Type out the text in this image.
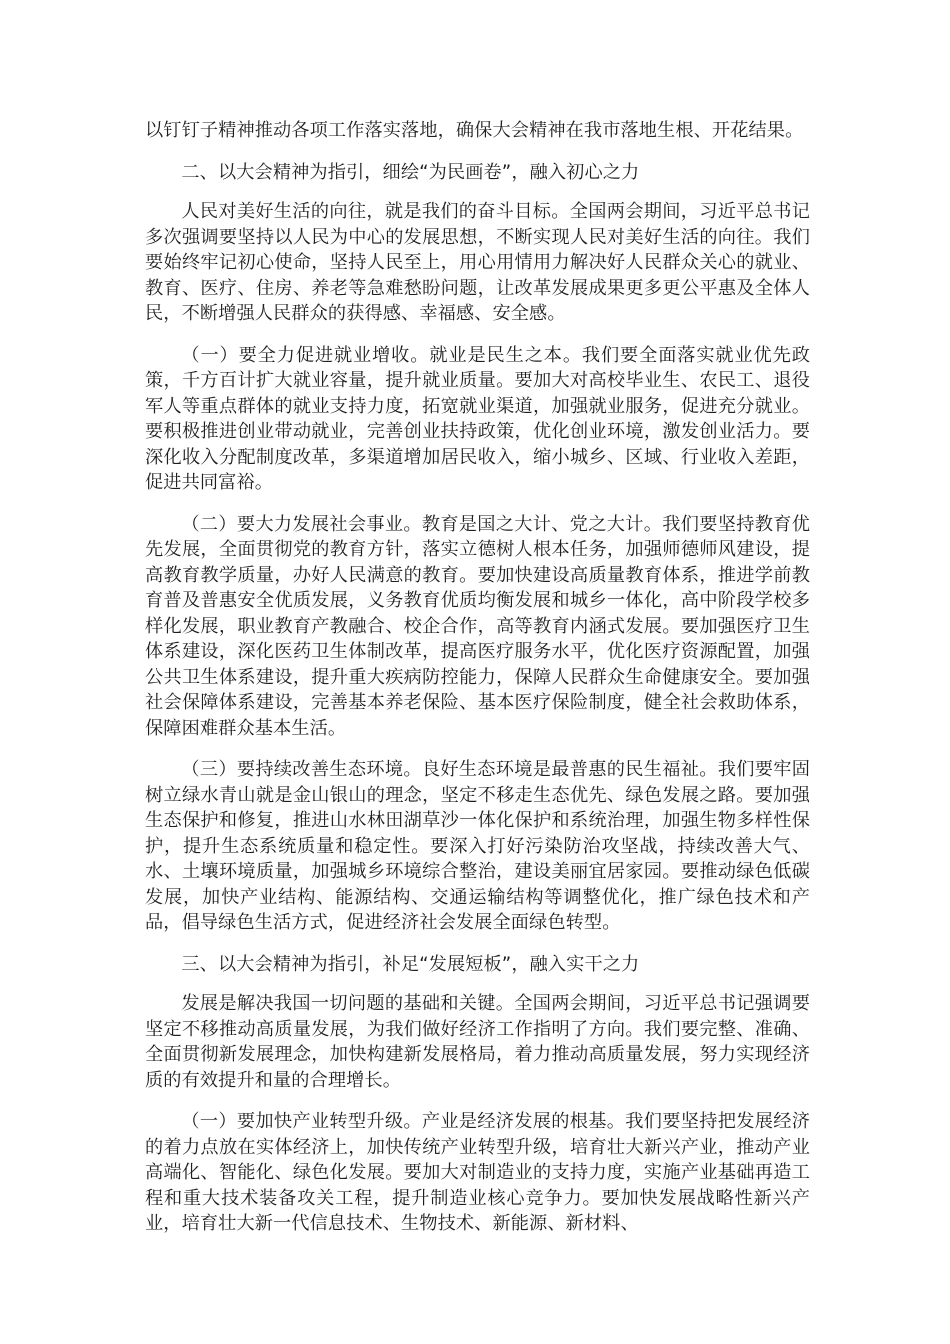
以钉钉子精神推动各项工作落实落地，确保大会精神在我市落地生根、开花结果。

二、以大会精神为指引，细绘“为民画卷”，融入初心之力

人民对美好生活的向往，就是我们的奋斗目标。全国两会期间，习近平总书记多次强调要坚持以人民为中心的发展思想，不断实现人民对美好生活的向往。我们要始终牢记初心使命，坚持人民至上，用心用情用力解决好人民群众关心的就业、教育、医疗、住房、养老等急难愁盼问题，让改革发展成果更多更公平惠及全体人民，不断增强人民群众的获得感、幸福感、安全感。

（一）要全力促进就业增收。就业是民生之本。我们要全面落实就业优先政策，千方百计扩大就业容量，提升就业质量。要加大对高校毕业生、农民工、退役军人等重点群体的就业支持力度，拓宽就业渠道，加强就业服务，促进充分就业。要积极推进创业带动就业，完善创业扶持政策，优化创业环境，激发创业活力。要深化收入分配制度改革，多渠道增加居民收入，缩小城乡、区域、行业收入差距，促进共同富裕。

（二）要大力发展社会事业。教育是国之大计、党之大计。我们要坚持教育优先发展，全面贯彻党的教育方针，落实立德树人根本任务，加强师德师风建设，提高教育教学质量，办好人民满意的教育。要加快建设高质量教育体系，推进学前教育普及普惠安全优质发展，义务教育优质均衡发展和城乡一体化，高中阶段学校多样化发展，职业教育产教融合、校企合作，高等教育内涵式发展。要加强医疗卫生体系建设，深化医药卫生体制改革，提高医疗服务水平，优化医疗资源配置，加强公共卫生体系建设，提升重大疾病防控能力，保障人民群众生命健康安全。要加强社会保障体系建设，完善基本养老保险、基本医疗保险制度，健全社会救助体系，保障困难群众基本生活。

（三）要持续改善生态环境。良好生态环境是最普惠的民生福祉。我们要牢固树立绿水青山就是金山银山的理念，坚定不移走生态优先、绿色发展之路。要加强生态保护和修复，推进山水林田湖草沙一体化保护和系统治理，加强生物多样性保护，提升生态系统质量和稳定性。要深入打好污染防治攻坚战，持续改善大气、水、土壤环境质量，加强城乡环境综合整治，建设美丽宜居家园。要推动绿色低碳发展，加快产业结构、能源结构、交通运输结构等调整优化，推广绿色技术和产品，倡导绿色生活方式，促进经济社会发展全面绿色转型。

三、以大会精神为指引，补足“发展短板”，融入实干之力

发展是解决我国一切问题的基础和关键。全国两会期间，习近平总书记强调要坚定不移推动高质量发展，为我们做好经济工作指明了方向。我们要完整、准确、全面贯彻新发展理念，加快构建新发展格局，着力推动高质量发展，努力实现经济质的有效提升和量的合理增长。

（一）要加快产业转型升级。产业是经济发展的根基。我们要坚持把发展经济的着力点放在实体经济上，加快传统产业转型升级，培育壮大新兴产业，推动产业高端化、智能化、绿色化发展。要加大对制造业的支持力度，实施产业基础再造工程和重大技术装备攻关工程，提升制造业核心竞争力。要加快发展战略性新兴产业，培育壮大新一代信息技术、生物技术、新能源、新材料、
